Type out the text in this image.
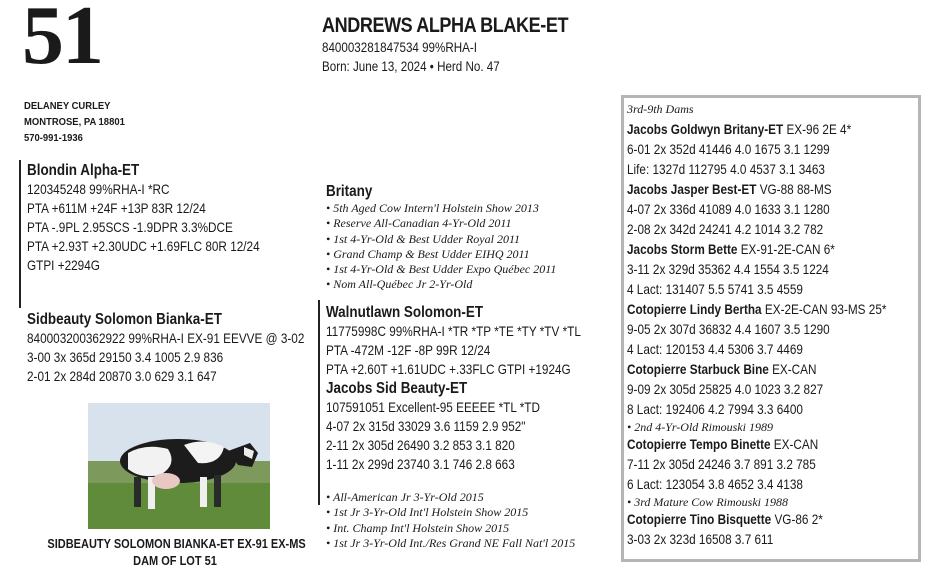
51	ANDREWS ALPHA BLAKE-ET
840003281847534 99%RHA-I
Born: June 13, 2024 • Herd No. 47
DELANEY CURLEY
MONTROSE, PA 18801
570-991-1936
Blondin Alpha-ET
120345248 99%RHA-I *RC
PTA +611M +24F +13P 83R 12/24
PTA -.9PL 2.95SCS -1.9DPR 3.3%DCE
PTA +2.93T +2.30UDC +1.69FLC 80R 12/24
GTPI +2294G
Sidbeauty Solomon Bianka-ET
840003200362922 99%RHA-I EX-91 EEVVE @ 3-02
3-00 3x 365d 29150 3.4 1005 2.9 836
2-01 2x 284d 20870 3.0 629 3.1 647
SIDBEAUTY SOLOMON BIANKA-ET EX-91 EX-MS
DAM OF LOT 51
Britany
• 5th Aged Cow Intern'l Holstein Show 2013
• Reserve All-Canadian 4-Yr-Old 2011
• 1st 4-Yr-Old & Best Udder Royal 2011
• Grand Champ & Best Udder EIHQ 2011
• 1st 4-Yr-Old & Best Udder Expo Québec 2011
• Nom All-Québec Jr 2-Yr-Old
Walnutlawn Solomon-ET
11775998C 99%RHA-I *TR *TP *TE *TY *TV *TL
PTA -472M -12F -8P 99R 12/24
PTA +2.60T +1.61UDC +.33FLC GTPI +1924G
Jacobs Sid Beauty-ET
107591051 Excellent-95 EEEEE *TL *TD
4-07 2x 315d 33029 3.6 1159 2.9 952"
2-11 2x 305d 26490 3.2 853 3.1 820
1-11 2x 299d 23740 3.1 746 2.8 663
• All-American Jr 3-Yr-Old 2015
• 1st Jr 3-Yr-Old Int'l Holstein Show 2015
• Int. Champ Int'l Holstein Show 2015
• 1st Jr 3-Yr-Old Int./Res Grand NE Fall Nat'l 2015
3rd-9th Dams
Jacobs Goldwyn Britany-ET EX-96 2E 4*
6-01 2x 352d 41446 4.0 1675 3.1 1299
Life: 1327d 112795 4.0 4537 3.1 3463
Jacobs Jasper Best-ET VG-88 88-MS
4-07 2x 336d 41089 4.0 1633 3.1 1280
2-08 2x 342d 24241 4.2 1014 3.2 782
Jacobs Storm Bette EX-91-2E-CAN 6*
3-11 2x 329d 35362 4.4 1554 3.5 1224
4 Lact: 131407 5.5 5741 3.5 4559
Cotopierre Lindy Bertha EX-2E-CAN 93-MS 25*
9-05 2x 307d 36832 4.4 1607 3.5 1290
4 Lact: 120153 4.4 5306 3.7 4469
Cotopierre Starbuck Bine EX-CAN
9-09 2x 305d 25825 4.0 1023 3.2 827
8 Lact: 192406 4.2 7994 3.3 6400
• 2nd 4-Yr-Old Rimouski 1989
Cotopierre Tempo Binette EX-CAN
7-11 2x 305d 24246 3.7 891 3.2 785
6 Lact: 123054 3.8 4652 3.4 4138
• 3rd Mature Cow Rimouski 1988
Cotopierre Tino Bisquette VG-86 2*
3-03 2x 323d 16508 3.7 611
